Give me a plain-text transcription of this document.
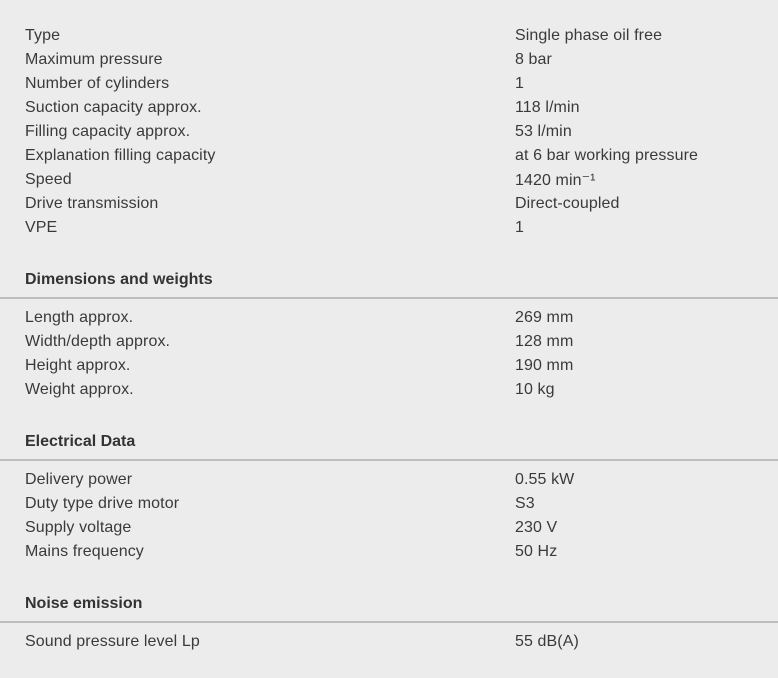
Type	Single phase oil free
Maximum pressure	8 bar
Number of cylinders	1
Suction capacity approx.	118 l/min
Filling capacity approx.	53 l/min
Explanation filling capacity	at 6 bar working pressure
Speed	1420 min⁻¹
Drive transmission	Direct-coupled
VPE	1
Dimensions and weights
Length approx.	269 mm
Width/depth approx.	128 mm
Height approx.	190 mm
Weight approx.	10 kg
Electrical Data
Delivery power	0.55 kW
Duty type drive motor	S3
Supply voltage	230 V
Mains frequency	50 Hz
Noise emission
Sound pressure level Lp	55 dB(A)
